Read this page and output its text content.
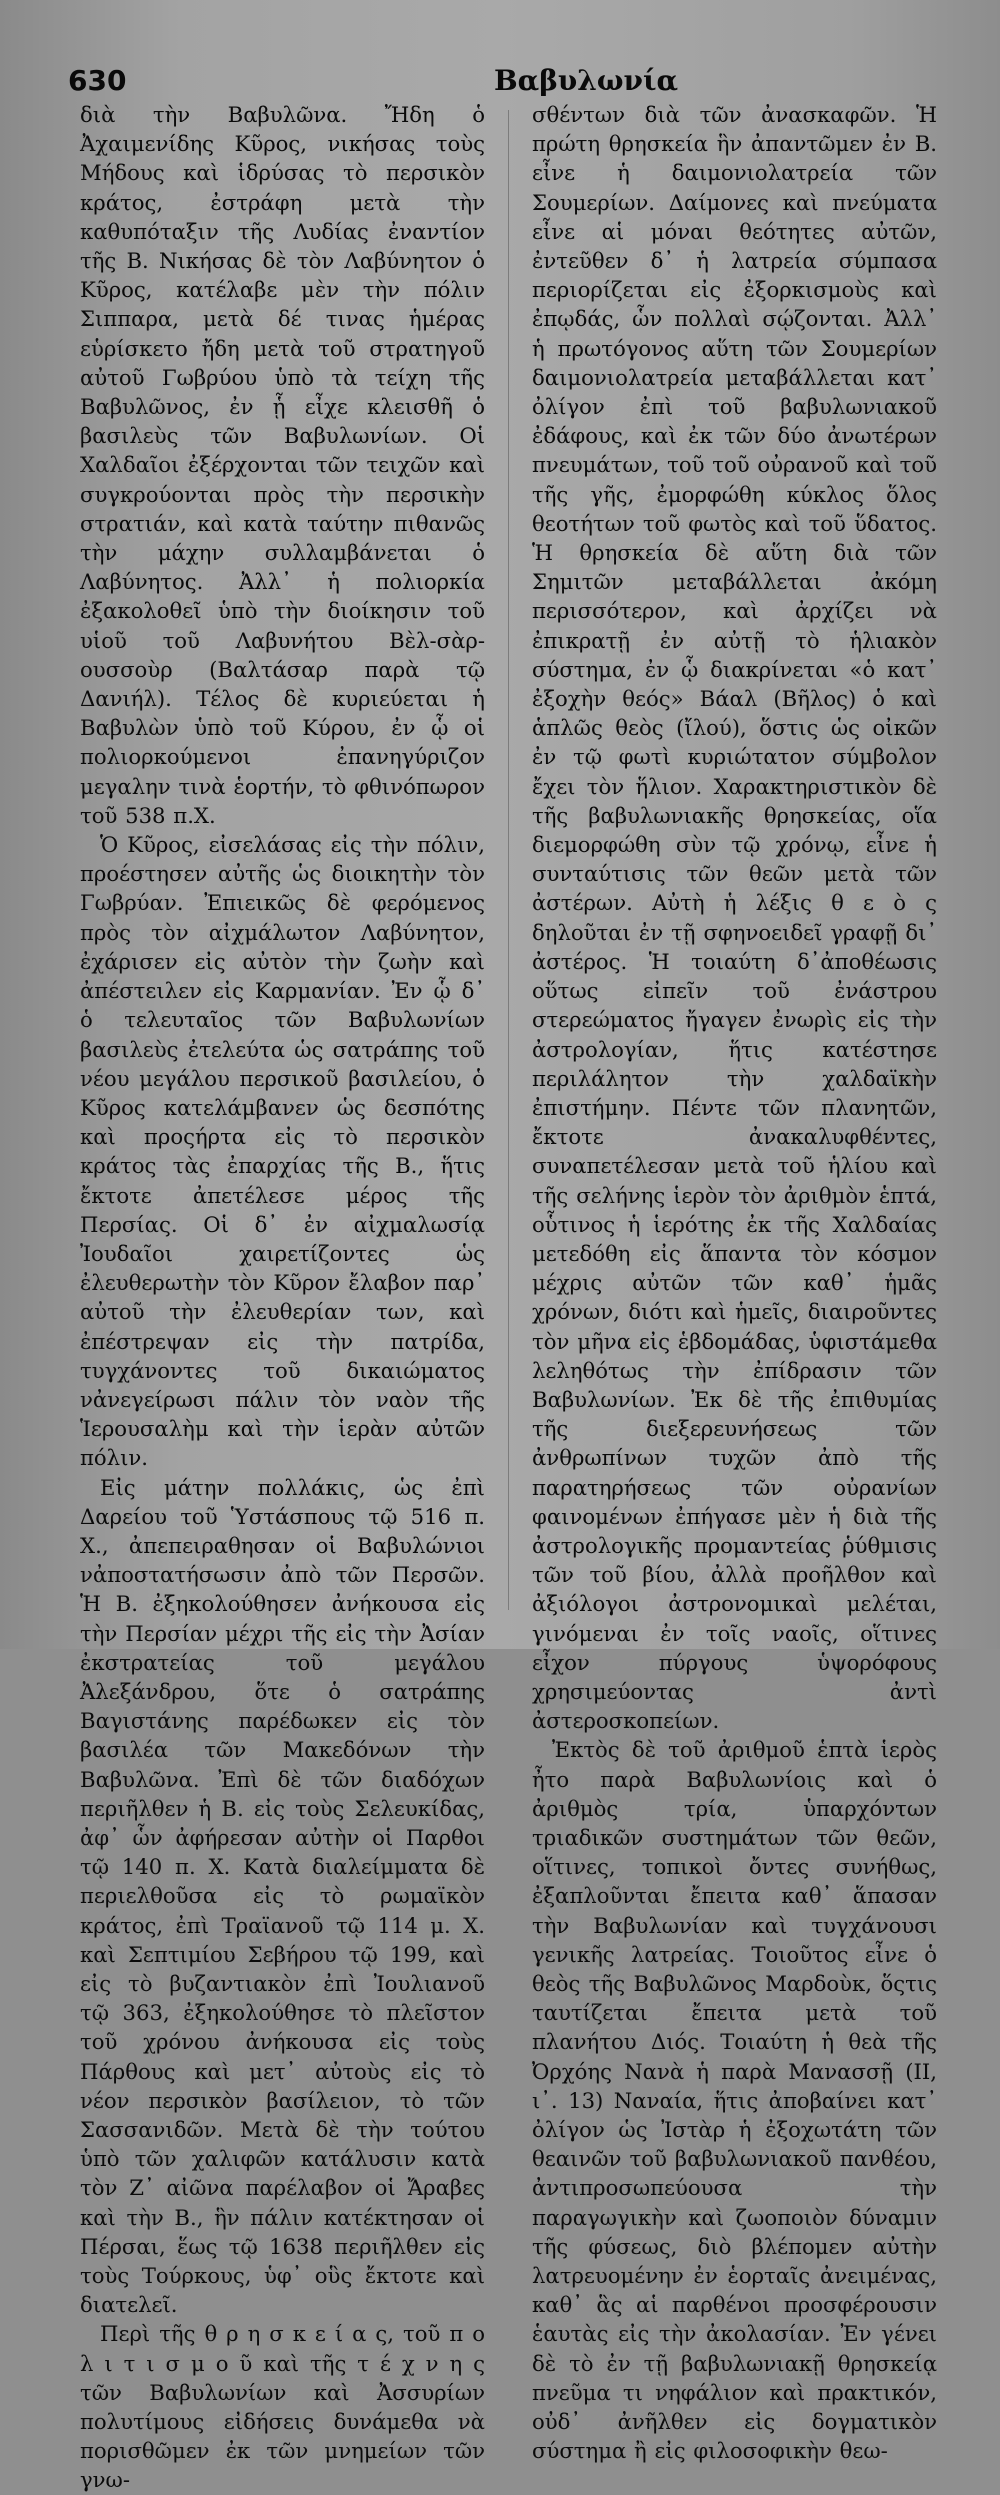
630	Βαβυλωνία

διὰ τὴν Βαβυλῶνα. Ἤδη ὁ Ἀχαιμενίδης Κῦρος, νικήσας τοὺς Μήδους καὶ ἱδρύσας τὸ περσικὸν κράτος, ἐστράφη μετὰ τὴν καθυπόταξιν τῆς Λυδίας ἐναντίον τῆς Β. Νικήσας δὲ τὸν Λαβύνητον ὁ Κῦρος, κατέλαβε μὲν τὴν πόλιν Σιππαρα, μετὰ δέ τινας ἡμέρας εὑρίσκετο ἤδη μετὰ τοῦ στρατηγοῦ αὐτοῦ Γωβρύου ὑπὸ τὰ τείχη τῆς Βαβυλῶνος, ἐν ᾗ εἶχε κλεισθῆ ὁ βασιλεὺς τῶν Βαβυλωνίων. Οἱ Χαλδαῖοι ἐξέρχονται τῶν τειχῶν καὶ συγκρούονται πρὸς τὴν περσικὴν στρατιάν, καὶ κατὰ ταύτην πιθανῶς τὴν μάχην συλλαμβάνεται ὁ Λαβύνητος. Ἀλλ᾽ ἡ πολιορκία ἐξακολοθεῖ ὑπὸ τὴν διοίκησιν τοῦ υἱοῦ τοῦ Λαβυνήτου Βὲλ-σὰρ-ουσσοὺρ (Βαλτάσαρ παρὰ τῷ Δανιήλ). Τέλος δὲ κυριεύεται ἡ Βαβυλὼν ὑπὸ τοῦ Κύρου, ἐν ᾧ οἱ πολιορκούμενοι ἐπανηγύριζον μεγαλην τινὰ ἑορτήν, τὸ φθινόπωρον τοῦ 538 π.Χ.

Ὁ Κῦρος, εἰσελάσας εἰς τὴν πόλιν, προέστησεν αὐτῆς ὡς διοικητὴν τὸν Γωβρύαν. Ἐπιεικῶς δὲ φερόμενος πρὸς τὸν αἰχμάλωτον Λαβύνητον, ἐχάρισεν εἰς αὐτὸν τὴν ζωὴν καὶ ἀπέστειλεν εἰς Καρμανίαν. Ἐν ᾧ δ᾽ ὁ τελευταῖος τῶν Βαβυλωνίων βασιλεὺς ἐτελεύτα ὡς σατράπης τοῦ νέου μεγάλου περσικοῦ βασιλείου, ὁ Κῦρος κατελάμβανεν ὡς δεσπότης καὶ προςήρτα εἰς τὸ περσικὸν κράτος τὰς ἐπαρχίας τῆς Β., ἥτις ἔκτοτε ἀπετέλεσε μέρος τῆς Περσίας. Οἱ δ᾽ ἐν αἰχμαλωσίᾳ Ἰουδαῖοι χαιρετίζοντες ὡς ἐλευθερωτὴν τὸν Κῦρον ἔλαβον παρ᾽ αὐτοῦ τὴν ἐλευθερίαν των, καὶ ἐπέστρεψαν εἰς τὴν πατρίδα, τυγχάνοντες τοῦ δικαιώματος νἀνεγείρωσι πάλιν τὸν ναὸν τῆς Ἱερουσαλὴμ καὶ τὴν ἱερὰν αὐτῶν πόλιν.

Εἰς μάτην πολλάκις, ὡς ἐπὶ Δαρείου τοῦ Ὑστάσπους τῷ 516 π. Χ., ἀπεπειραθησαν οἱ Βαβυλώνιοι νἀποστατήσωσιν ἀπὸ τῶν Περσῶν. Ἡ Β. ἐξηκολούθησεν ἀνήκουσα εἰς τὴν Περσίαν μέχρι τῆς εἰς τὴν Ἀσίαν ἐκστρατείας τοῦ μεγάλου Ἀλεξάνδρου, ὅτε ὁ σατράπης Βαγιστάνης παρέδωκεν εἰς τὸν βασιλέα τῶν Μακεδόνων τὴν Βαβυλῶνα. Ἐπὶ δὲ τῶν διαδόχων περιῆλθεν ἡ Β. εἰς τοὺς Σελευκίδας, ἀφ᾽ ὧν ἀφήρεσαν αὐτὴν οἱ Παρθοι τῷ 140 π. Χ. Κατὰ διαλείμματα δὲ περιελθοῦσα εἰς τὸ ρωμαϊκὸν κράτος, ἐπὶ Τραϊανοῦ τῷ 114 μ. Χ. καὶ Σεπτιμίου Σεβήρου τῷ 199, καὶ εἰς τὸ βυζαντιακὸν ἐπὶ Ἰουλιανοῦ τῷ 363, ἐξηκολούθησε τὸ πλεῖστον τοῦ χρόνου ἀνήκουσα εἰς τοὺς Πάρθους καὶ μετ᾽ αὐτοὺς εἰς τὸ νέον περσικὸν βασίλειον, τὸ τῶν Σασσανιδῶν. Μετὰ δὲ τὴν τούτου ὑπὸ τῶν χαλιφῶν κατάλυσιν κατὰ τὸν Ζ᾽ αἰῶνα παρέλαβον οἱ Ἄραβες καὶ τὴν Β., ἣν πάλιν κατέκτησαν οἱ Πέρσαι, ἕως τῷ 1638 περιῆλθεν εἰς τοὺς Τούρκους, ὑφ᾽ οὓς ἔκτοτε καὶ διατελεῖ.

Περὶ τῆς θ ρ η σ κ ε ί α ς, τοῦ π ο λ ι τ ι σ μ ο ῦ καὶ τῆς τ έ χ ν η ς τῶν Βαβυλωνίων καὶ Ἀσσυρίων πολυτίμους εἰδήσεις δυνάμεθα νὰ πορισθῶμεν ἐκ τῶν μνημείων τῶν γνω-

σθέντων διὰ τῶν ἀνασκαφῶν. Ἡ πρώτη θρησκεία ἣν ἀπαντῶμεν ἐν Β. εἶνε ἡ δαιμονιολατρεία τῶν Σουμερίων. Δαίμονες καὶ πνεύματα εἶνε αἱ μόναι θεότητες αὐτῶν, ἐντεῦθεν δ᾽ ἡ λατρεία σύμπασα περιορίζεται εἰς ἐξορκισμοὺς καὶ ἐπῳδάς, ὧν πολλαὶ σῴζονται. Ἀλλ᾽ ἡ πρωτόγονος αὕτη τῶν Σουμερίων δαιμονιολατρεία μεταβάλλεται κατ᾽ ὀλίγον ἐπὶ τοῦ βαβυλωνιακοῦ ἐδάφους, καὶ ἐκ τῶν δύο ἀνωτέρων πνευμάτων, τοῦ τοῦ οὐρανοῦ καὶ τοῦ τῆς γῆς, ἐμορφώθη κύκλος ὅλος θεοτήτων τοῦ φωτὸς καὶ τοῦ ὕδατος. Ἡ θρησκεία δὲ αὕτη διὰ τῶν Σημιτῶν μεταβάλλεται ἀκόμη περισσότερον, καὶ ἀρχίζει νὰ ἐπικρατῇ ἐν αὐτῇ τὸ ἡλιακὸν σύστημα, ἐν ᾧ διακρίνεται «ὁ κατ᾽ ἐξοχὴν θεός» Βάαλ (Βῆλος) ὁ καὶ ἁπλῶς θεὸς (ἴλού), ὅστις ὡς οἰκῶν ἐν τῷ φωτὶ κυριώτατον σύμβολον ἔχει τὸν ἥλιον. Χαρακτηριστικὸν δὲ τῆς βαβυλωνιακῆς θρησκείας, οἵα διεμορφώθη σὺν τῷ χρόνῳ, εἶνε ἡ συνταύτισις τῶν θεῶν μετὰ τῶν ἀστέρων. Αὐτὴ ἡ λέξις θ ε ὸ ς δηλοῦται ἐν τῇ σφηνοειδεῖ γραφῇ δι᾽ ἀστέρος. Ἡ τοιαύτη δ᾽ἀποθέωσις οὕτως εἰπεῖν τοῦ ἐνάστρου στερεώματος ἤγαγεν ἐνωρὶς εἰς τὴν ἀστρολογίαν, ἥτις κατέστησε περιλάλητον τὴν χαλδαϊκὴν ἐπιστήμην. Πέντε τῶν πλανητῶν, ἔκτοτε ἀνακαλυφθέντες, συναπετέλεσαν μετὰ τοῦ ἡλίου καὶ τῆς σελήνης ἱερὸν τὸν ἀριθμὸν ἑπτά, οὗτινος ἡ ἱερότης ἐκ τῆς Χαλδαίας μετεδόθη εἰς ἅπαντα τὸν κόσμον μέχρις αὐτῶν τῶν καθ᾽ ἡμᾶς χρόνων, διότι καὶ ἡμεῖς, διαιροῦντες τὸν μῆνα εἰς ἑβδομάδας, ὑφιστάμεθα λεληθότως τὴν ἐπίδρασιν τῶν Βαβυλωνίων. Ἐκ δὲ τῆς ἐπιθυμίας τῆς διεξερευνήσεως τῶν ἀνθρωπίνων τυχῶν ἀπὸ τῆς παρατηρήσεως τῶν οὐρανίων φαινομένων ἐπήγασε μὲν ἡ διὰ τῆς ἀστρολογικῆς προμαντείας ῥύθμισις τῶν τοῦ βίου, ἀλλὰ προῆλθον καὶ ἀξιόλογοι ἀστρονομικαὶ μελέται, γινόμεναι ἐν τοῖς ναοῖς, οἵτινες εἶχον πύργους ὑψορόφους χρησιμεύοντας ἀντὶ ἀστεροσκοπείων.

Ἐκτὸς δὲ τοῦ ἀριθμοῦ ἑπτὰ ἱερὸς ἦτο παρὰ Βαβυλωνίοις καὶ ὁ ἀριθμὸς τρία, ὑπαρχόντων τριαδικῶν συστημάτων τῶν θεῶν, οἵτινες, τοπικοὶ ὄντες συνήθως, ἐξαπλοῦνται ἔπειτα καθ᾽ ἅπασαν τὴν Βαβυλωνίαν καὶ τυγχάνουσι γενικῆς λατρείας. Τοιοῦτος εἶνε ὁ θεὸς τῆς Βαβυλῶνος Μαρδοὺκ, ὅςτις ταυτίζεται ἔπειτα μετὰ τοῦ πλανήτου Διός. Τοιαύτη ἡ θεὰ τῆς Ὀρχόης Νανὰ ἡ παρὰ Μανασσῇ (ΙΙ, ι᾽. 13) Ναναία, ἥτις ἀποβαίνει κατ᾽ ὀλίγον ὡς Ἰστὰρ ἡ ἐξοχωτάτη τῶν θεαινῶν τοῦ βαβυλωνιακοῦ πανθέου, ἀντιπροσωπεύουσα τὴν παραγωγικὴν καὶ ζωοποιὸν δύναμιν τῆς φύσεως, διὸ βλέπομεν αὐτὴν λατρευομένην ἐν ἑορταῖς ἀνειμένας, καθ᾽ ἃς αἱ παρθένοι προσφέρουσιν ἑαυτὰς εἰς τὴν ἀκολασίαν. Ἐν γένει δὲ τὸ ἐν τῇ βαβυλωνιακῇ θρησκείᾳ πνεῦμα τι νηφάλιον καὶ πρακτικόν, οὐδ᾽ ἀνῆλθεν εἰς δογματικὸν σύστημα ἢ εἰς φιλοσοφικὴν θεω-
